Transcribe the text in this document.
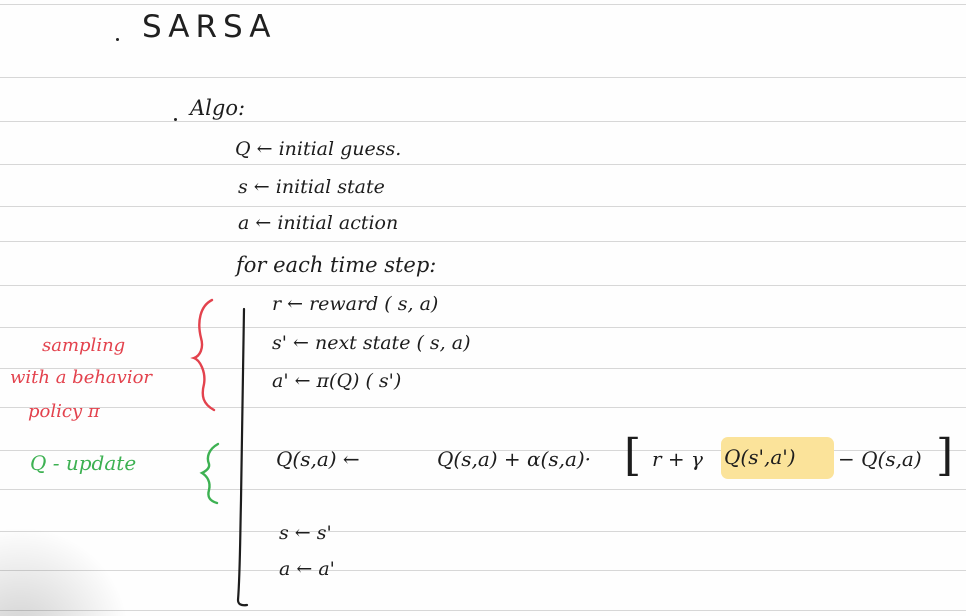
SARSA
Algo:
Q ← initial guess.
s ← initial state
a ← initial action
for each time step:
r ← reward ( s, a)
s' ← next state ( s, a)
a' ← π(Q) ( s')
Q(s,a) ←	Q(s,a) + α(s,a)· [ r + γ Q(s',a') − Q(s,a) ]
s ← s'
a ← a'
sampling
with a behavior
policy π
Q - update
